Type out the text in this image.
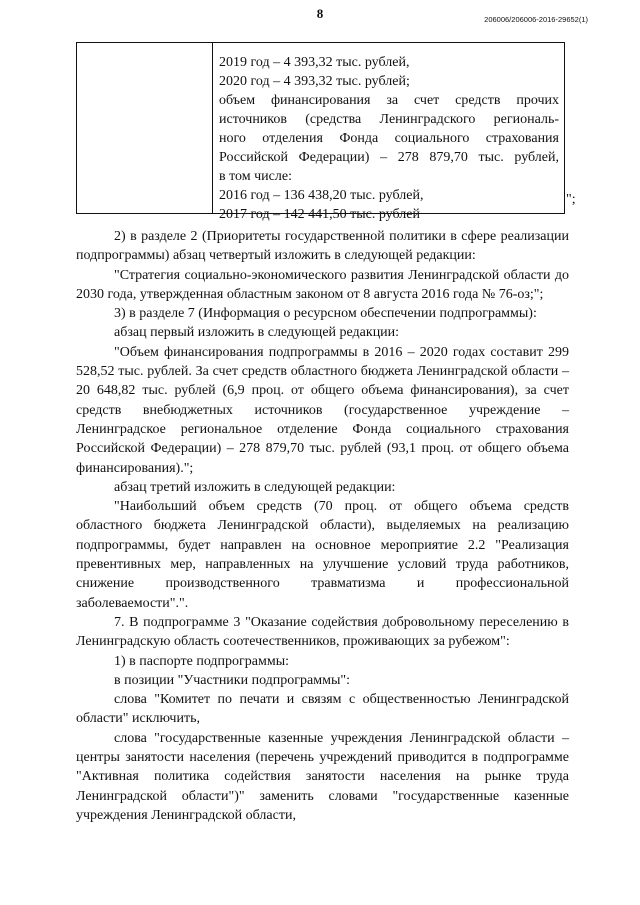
8	206006/206006-2016-29652(1)
2019 год – 4 393,32 тыс. рублей,
2020 год – 4 393,32 тыс. рублей;
объем финансирования за счет средств прочих
источников (средства Ленинградского региональ-
ного отделения Фонда социального страхования
Российской Федерации) – 278 879,70 тыс. рублей,
в том числе:
2016 год – 136 438,20 тыс. рублей,
2017 год – 142 441,50 тыс. рублей
";

2) в разделе 2 (Приоритеты государственной политики в сфере реализации подпрограммы) абзац четвертый изложить в следующей редакции:

"Стратегия социально-экономического развития Ленинградской области до 2030 года, утвержденная областным законом от 8 августа 2016 года № 76-оз;";

3) в разделе 7 (Информация о ресурсном обеспечении подпрограммы):

абзац первый изложить в следующей редакции:

"Объем финансирования подпрограммы в 2016 – 2020 годах составит 299 528,52 тыс. рублей. За счет средств областного бюджета Ленинградской области – 20 648,82 тыс. рублей (6,9 проц. от общего объема финансирования), за счет средств внебюджетных источников (государственное учреждение – Ленинградское региональное отделение Фонда социального страхования Российской Федерации) – 278 879,70 тыс. рублей (93,1 проц. от общего объема финансирования).";

абзац третий изложить в следующей редакции:

"Наибольший объем средств (70 проц. от общего объема средств областного бюджета Ленинградской области), выделяемых на реализацию подпрограммы, будет направлен на основное мероприятие 2.2 "Реализация превентивных мер, направленных на улучшение условий труда работников, снижение производственного травматизма и профессиональной заболеваемости".".

7. В подпрограмме 3 "Оказание содействия добровольному переселению в Ленинградскую область соотечественников, проживающих за рубежом":

1) в паспорте подпрограммы:

в позиции "Участники подпрограммы":

слова "Комитет по печати и связям с общественностью Ленинградской области" исключить,

слова "государственные казенные учреждения Ленинградской области – центры занятости населения (перечень учреждений приводится в подпрограмме "Активная политика содействия занятости населения на рынке труда Ленинградской области")" заменить словами "государственные казенные учреждения Ленинградской области,
